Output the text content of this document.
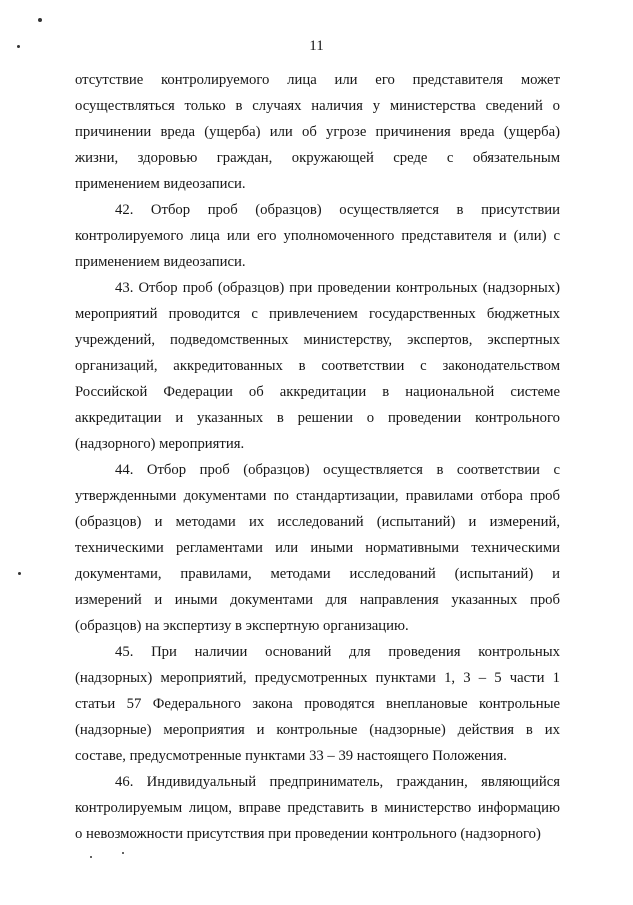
11
отсутствие контролируемого лица или его представителя может
осуществляться только в случаях наличия у министерства сведений о
причинении вреда (ущерба) или об угрозе причинения вреда (ущерба)
жизни, здоровью граждан, окружающей среде с обязательным
применением видеозаписи.
42. Отбор проб (образцов) осуществляется в присутствии
контролируемого лица или его уполномоченного представителя и (или) с
применением видеозаписи.
43. Отбор проб (образцов) при проведении контрольных (надзорных)
мероприятий проводится с привлечением государственных бюджетных
учреждений, подведомственных министерству, экспертов, экспертных
организаций, аккредитованных в соответствии с законодательством
Российской Федерации об аккредитации в национальной системе
аккредитации и указанных в решении о проведении контрольного
(надзорного) мероприятия.
44. Отбор проб (образцов) осуществляется в соответствии с
утвержденными документами по стандартизации, правилами отбора проб
(образцов) и методами их исследований (испытаний) и измерений,
техническими регламентами или иными нормативными техническими
документами, правилами, методами исследований (испытаний) и
измерений и иными документами для направления указанных проб
(образцов) на экспертизу в экспертную организацию.
45. При наличии оснований для проведения контрольных
(надзорных) мероприятий, предусмотренных пунктами 1, 3 – 5 части 1
статьи 57 Федерального закона проводятся внеплановые контрольные
(надзорные) мероприятия и контрольные (надзорные) действия в их
составе, предусмотренные пунктами 33 – 39 настоящего Положения.
46. Индивидуальный предприниматель, гражданин, являющийся
контролируемым лицом, вправе представить в министерство информацию
о невозможности присутствия при проведении контрольного (надзорного)
